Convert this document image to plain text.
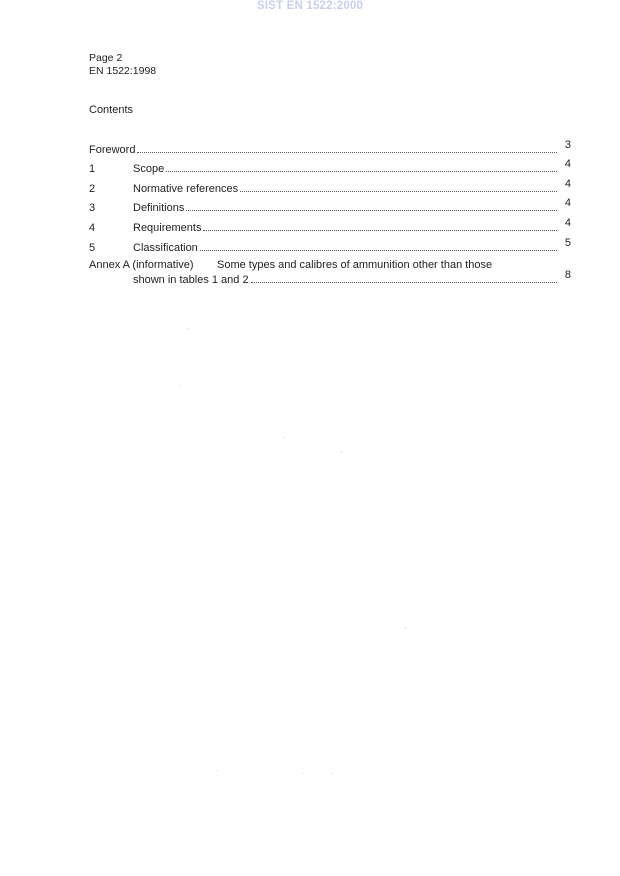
SIST EN 1522:2000
Page 2
EN 1522:1998
Contents
Foreword	3
1	Scope	4
2	Normative references	4
3	Definitions	4
4	Requirements	4
5	Classification	5
Annex A (informative)	Some types and calibres of ammunition other than those
shown in tables 1 and 2	8
